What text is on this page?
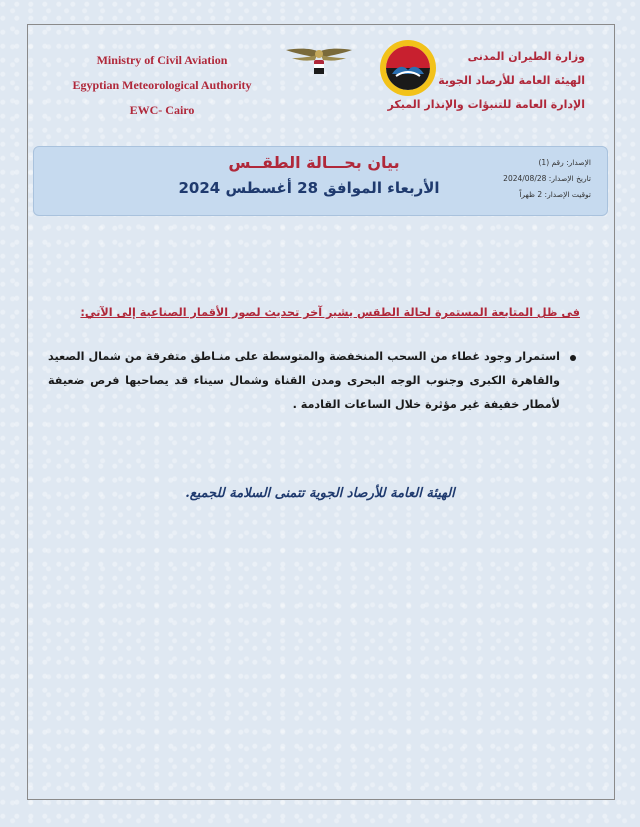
Ministry of Civil Aviation
Egyptian Meteorological Authority
EWC- Cairo
وزارة الطيران المدنى
الهيئة العامة للأرصاد الجوية
الإدارة العامة للتنبؤات والإنذار المبكر
بيان بحـــالة الطقــس
الأربعاء الموافق 28 أغسطس 2024
الإصدار: رقم (1)
تاريخ الإصدار: 2024/08/28
توقيت الإصدار: 2 ظهراً
فى ظل المتابعة المستمرة لحالة الطقس يشير آخر تحديث لصور الأقمار الصناعية إلى الآتي:
استمرار وجود غطاء من السحب المنخفضة والمتوسطة على منـاطق متفرقة من شمال الصعيد والقاهرة الكبرى وجنوب الوجه البحرى ومدن القناة وشمال سيناء قد يصاحبها فرص ضعيفة لأمطار خفيفة غير مؤثرة خلال الساعات القادمة .
الهيئة العامة للأرصاد الجوية تتمنى السلامة للجميع.
